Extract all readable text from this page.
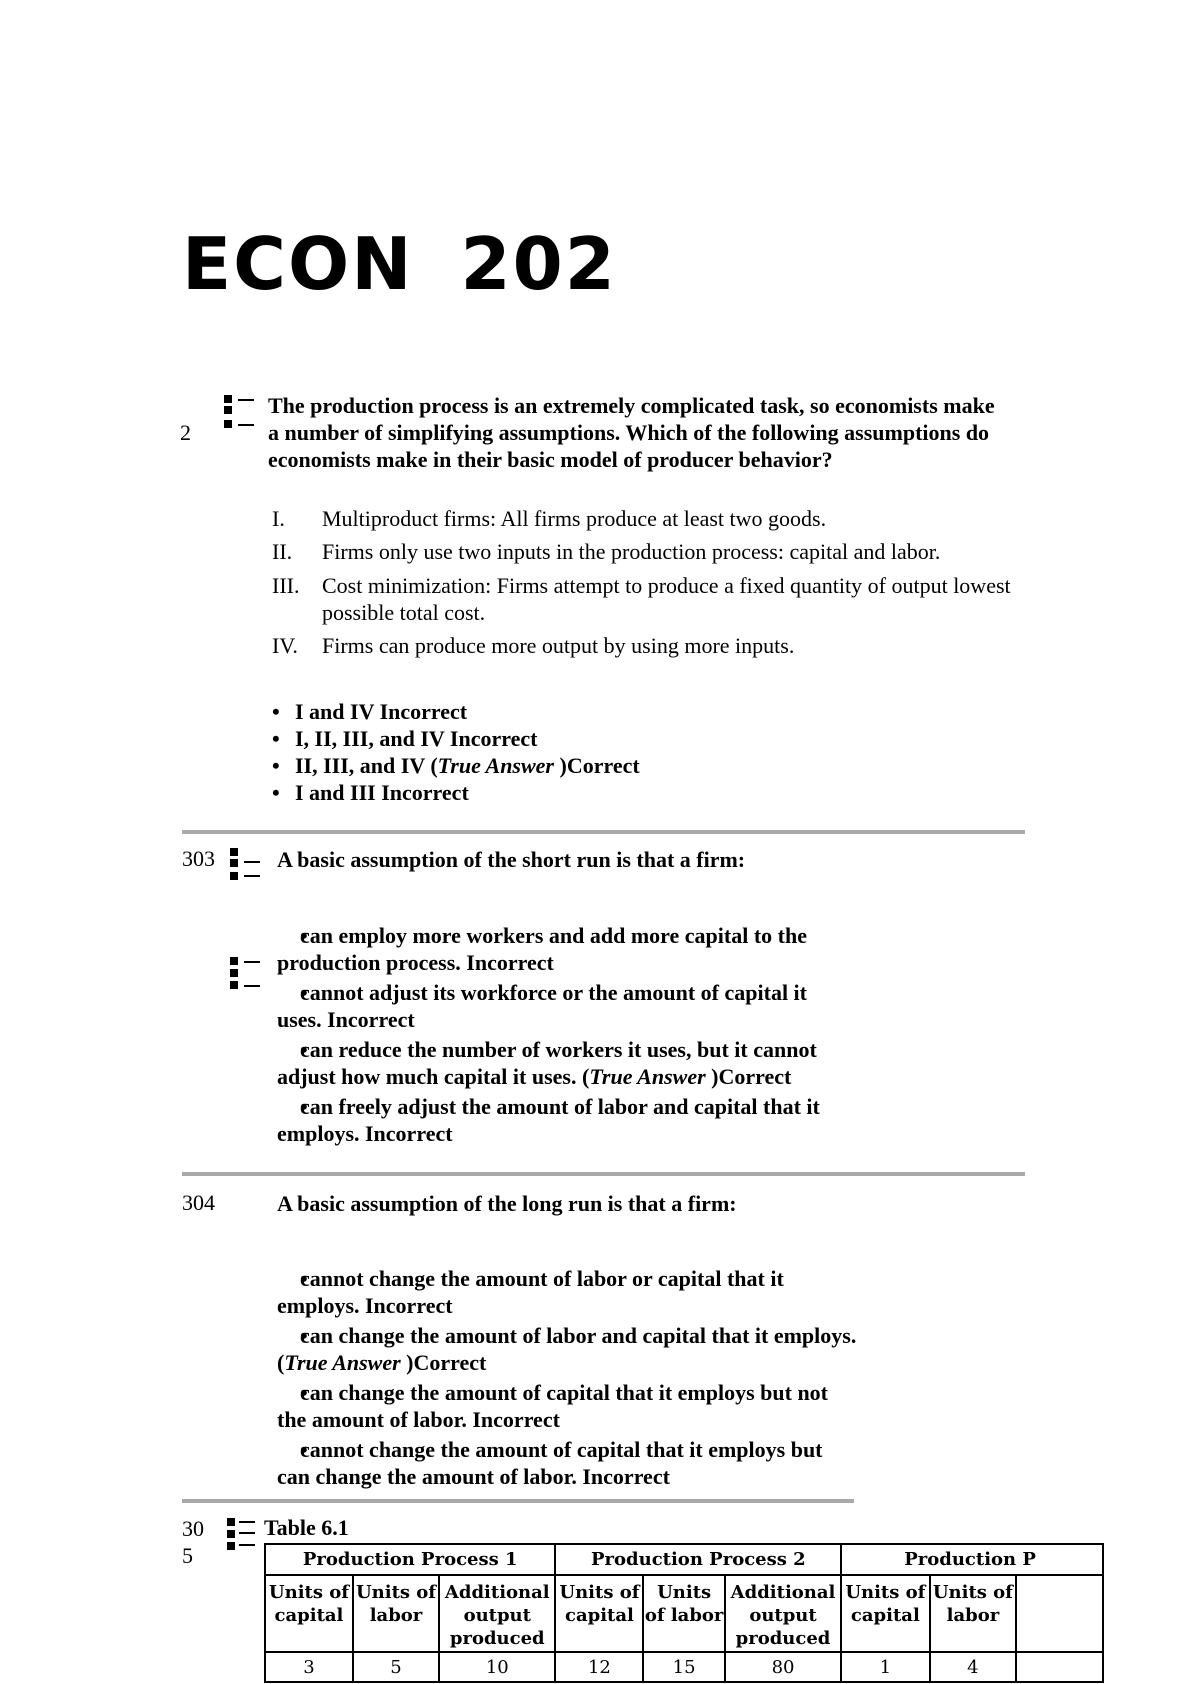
ECON 202
2
The production process is an extremely complicated task, so economists make a number of simplifying assumptions. Which of the following assumptions do economists make in their basic model of producer behavior?
I. Multiproduct firms: All firms produce at least two goods.
II. Firms only use two inputs in the production process: capital and labor.
III. Cost minimization: Firms attempt to produce a fixed quantity of output lowest possible total cost.
IV. Firms can produce more output by using more inputs.
• I and IV Incorrect
• I, II, III, and IV Incorrect
• II, III, and IV (True Answer )Correct
• I and III Incorrect
303	A basic assumption of the short run is that a firm:
• can employ more workers and add more capital to the production process. Incorrect
• cannot adjust its workforce or the amount of capital it uses. Incorrect
• can reduce the number of workers it uses, but it cannot adjust how much capital it uses. (True Answer )Correct
• can freely adjust the amount of labor and capital that it employs. Incorrect
304	A basic assumption of the long run is that a firm:
• cannot change the amount of labor or capital that it employs. Incorrect
• can change the amount of labor and capital that it employs. (True Answer )Correct
• can change the amount of capital that it employs but not the amount of labor. Incorrect
• cannot change the amount of capital that it employs but can change the amount of labor. Incorrect
30
5
Table 6.1
Production Process 1			Production Process 2			Production P		
Units of capital	Units of labor	Additional output produced	Units of capital	Units of labor	Additional output produced	Units of capital	Units of labor	
3	5	10	12	15	80	1	4	
